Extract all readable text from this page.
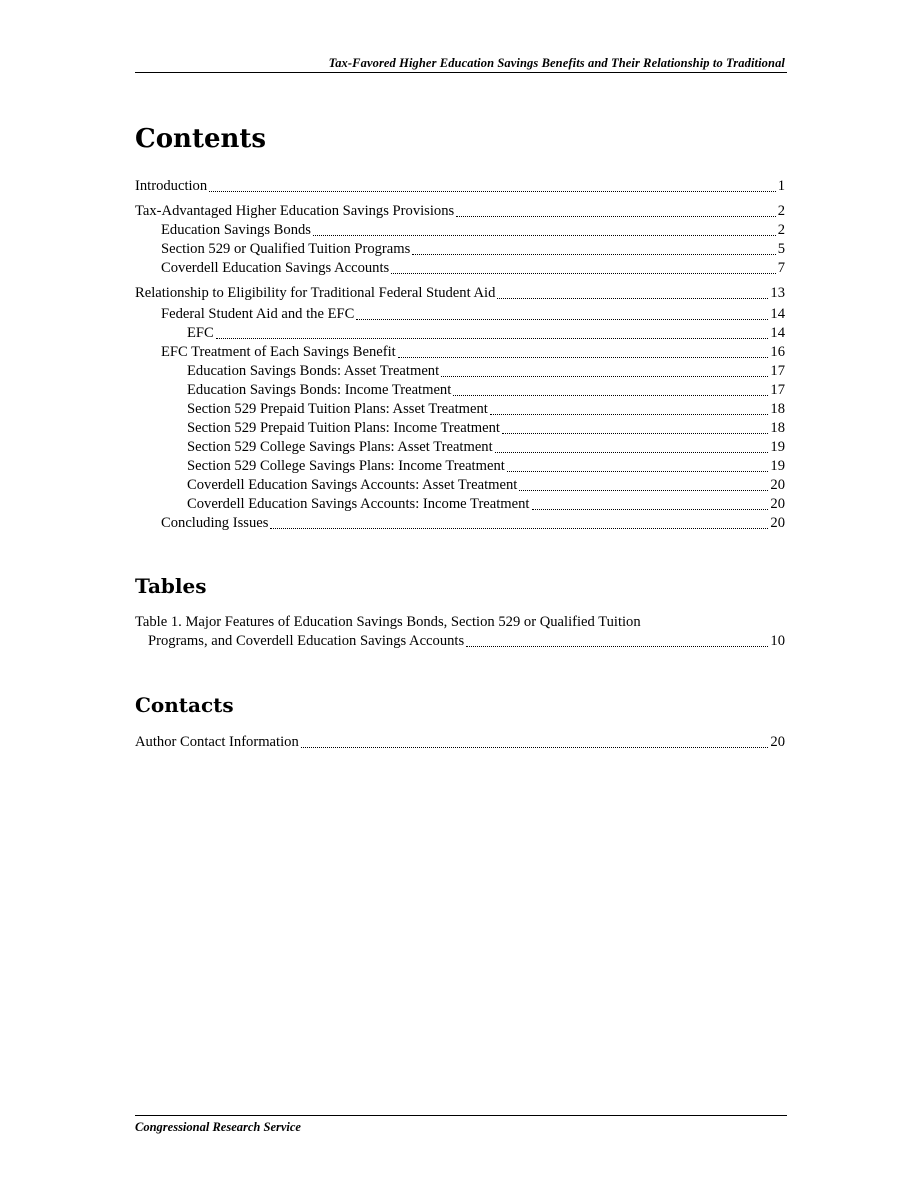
Tax-Favored Higher Education Savings Benefits and Their Relationship to Traditional
Contents
Introduction	1
Tax-Advantaged Higher Education Savings Provisions	2
Education Savings Bonds	2
Section 529 or Qualified Tuition Programs	5
Coverdell Education Savings Accounts	7
Relationship to Eligibility for Traditional Federal Student Aid	13
Federal Student Aid and the EFC	14
EFC	14
EFC Treatment of Each Savings Benefit	16
Education Savings Bonds: Asset Treatment	17
Education Savings Bonds: Income Treatment	17
Section 529 Prepaid Tuition Plans: Asset Treatment	18
Section 529 Prepaid Tuition Plans: Income Treatment	18
Section 529 College Savings Plans: Asset Treatment	19
Section 529 College Savings Plans: Income Treatment	19
Coverdell Education Savings Accounts: Asset Treatment	20
Coverdell Education Savings Accounts: Income Treatment	20
Concluding Issues	20
Tables
Table 1. Major Features of Education Savings Bonds, Section 529 or Qualified Tuition
Programs, and Coverdell Education Savings Accounts	10
Contacts
Author Contact Information	20
Congressional Research Service
